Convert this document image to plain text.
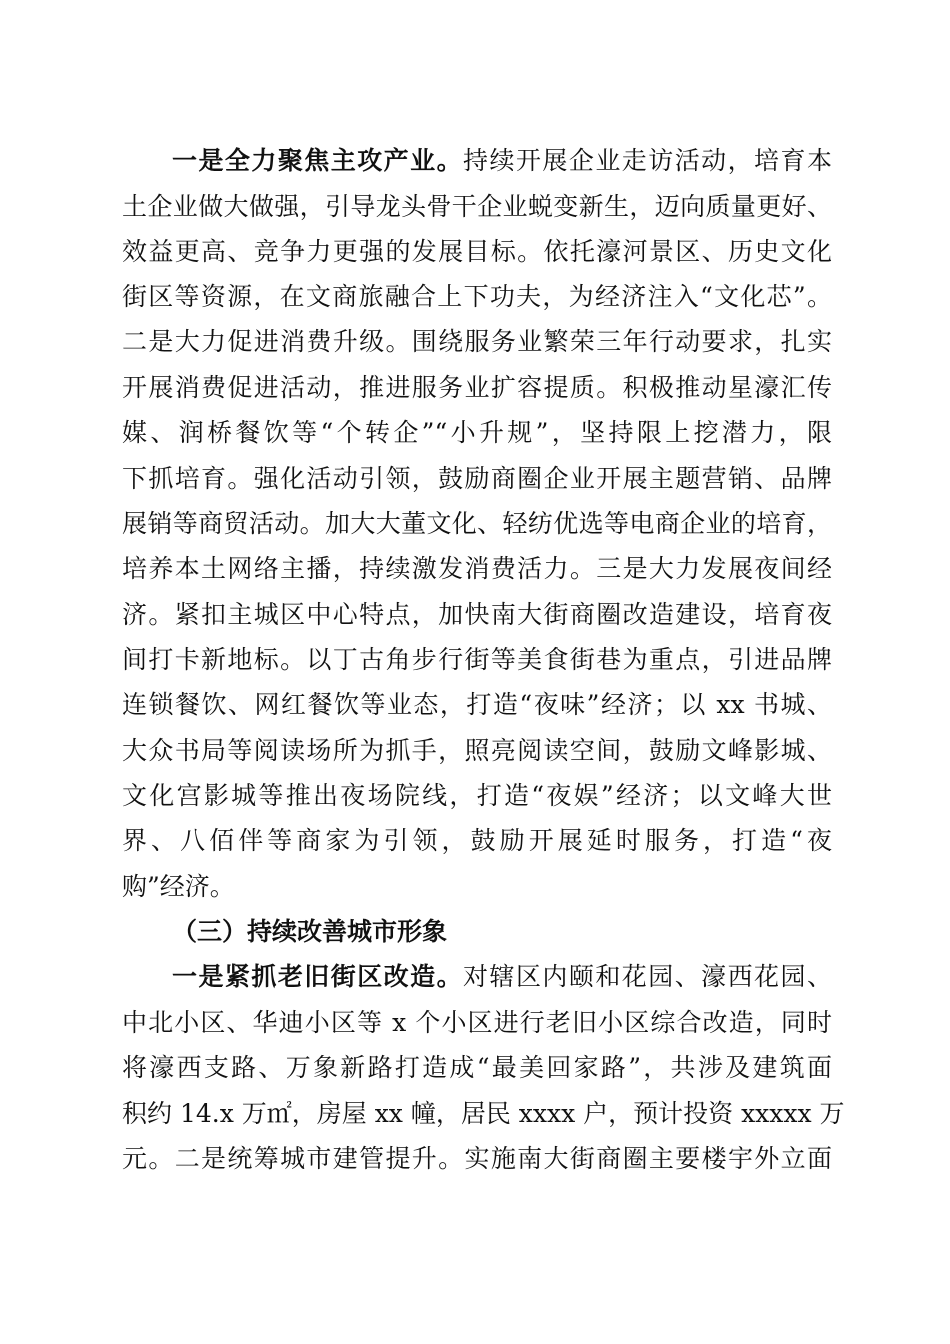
一是全力聚焦主攻产业。持续开展企业走访活动，培育本
土企业做大做强，引导龙头骨干企业蜕变新生，迈向质量更好、
效益更高、竞争力更强的发展目标。依托濠河景区、历史文化
街区等资源，在文商旅融合上下功夫，为经济注入“文化芯”。
二是大力促进消费升级。围绕服务业繁荣三年行动要求，扎实
开展消费促进活动，推进服务业扩容提质。积极推动星濠汇传
媒、润桥餐饮等“个转企”“小升规”，坚持限上挖潜力，限
下抓培育。强化活动引领，鼓励商圈企业开展主题营销、品牌
展销等商贸活动。加大大董文化、轻纺优选等电商企业的培育，
培养本土网络主播，持续激发消费活力。三是大力发展夜间经
济。紧扣主城区中心特点，加快南大街商圈改造建设，培育夜
间打卡新地标。以丁古角步行街等美食街巷为重点，引进品牌
连锁餐饮、网红餐饮等业态，打造“夜味”经济；以 xx 书城、
大众书局等阅读场所为抓手，照亮阅读空间，鼓励文峰影城、
文化宫影城等推出夜场院线，打造“夜娱”经济；以文峰大世
界、八佰伴等商家为引领，鼓励开展延时服务，打造“夜
购”经济。
（三）持续改善城市形象
一是紧抓老旧街区改造。对辖区内颐和花园、濠西花园、
中北小区、华迪小区等 x 个小区进行老旧小区综合改造，同时
将濠西支路、万象新路打造成“最美回家路”，共涉及建筑面
积约 14.x 万㎡，房屋 xx 幢，居民 xxxx 户，预计投资 xxxxx 万
元。二是统筹城市建管提升。实施南大街商圈主要楼宇外立面
